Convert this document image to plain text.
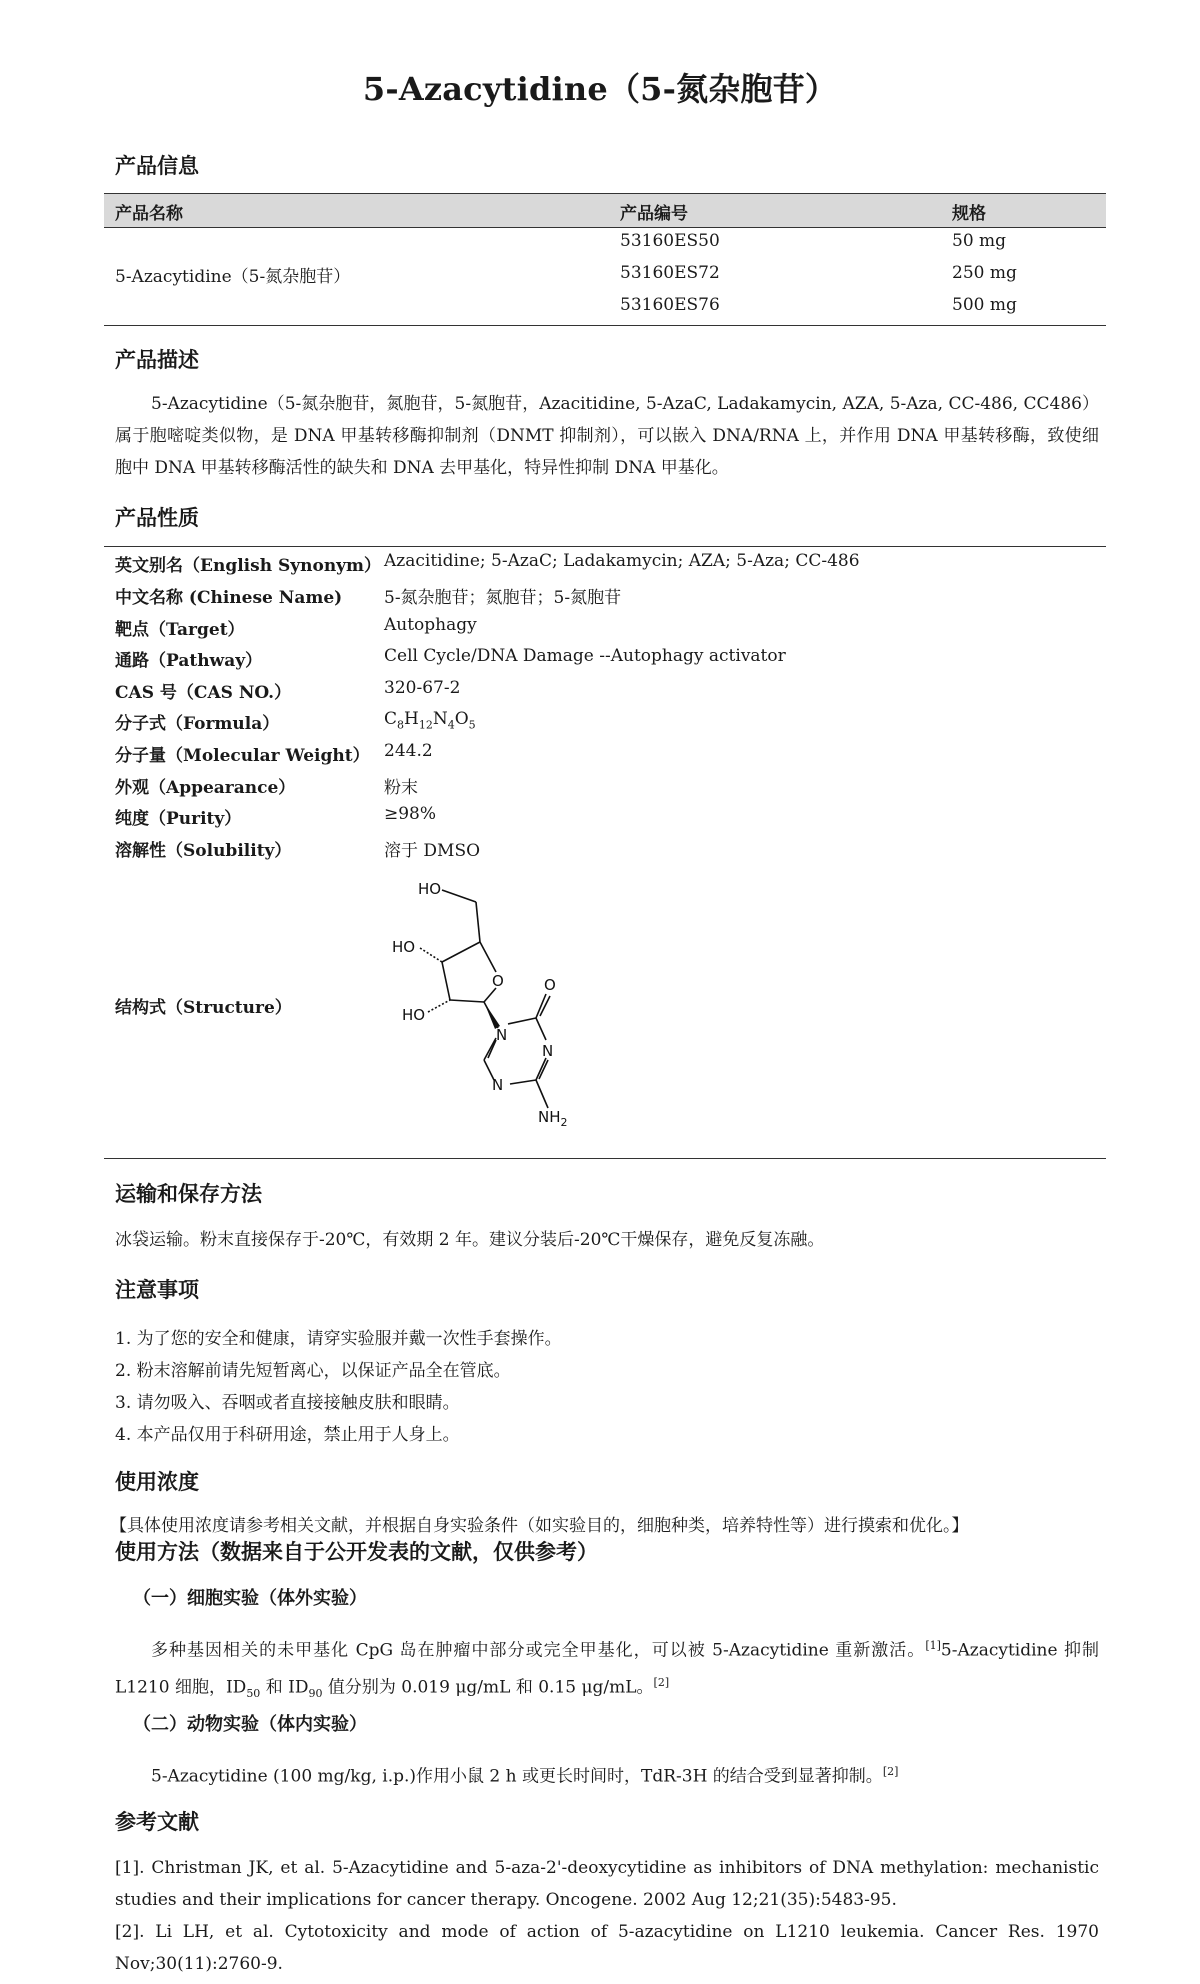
5-Azacytidine（5-氮杂胞苷）
产品信息
产品名称	产品编号	规格
5-Azacytidine（5-氮杂胞苷）
53160ES50	50 mg
53160ES72	250 mg
53160ES76	500 mg
产品描述
5-Azacytidine（5-氮杂胞苷，氮胞苷，5-氮胞苷，Azacitidine, 5-AzaC, Ladakamycin, AZA, 5-Aza, CC-486, CC486）属于胞嘧啶类似物，是 DNA 甲基转移酶抑制剂（DNMT 抑制剂），可以嵌入 DNA/RNA 上，并作用 DNA 甲基转移酶，致使细胞中 DNA 甲基转移酶活性的缺失和 DNA 去甲基化，特异性抑制 DNA 甲基化。
产品性质
英文别名（English Synonym） Azacitidine; 5-AzaC; Ladakamycin; AZA; 5-Aza; CC-486
中文名称 (Chinese Name) 5-氮杂胞苷；氮胞苷；5-氮胞苷
靶点（Target）	Autophagy
通路（Pathway）	Cell Cycle/DNA Damage --Autophagy activator
CAS 号（CAS NO.）	320-67-2
分子式（Formula）	$C_8H_{12}N_4O_5$
分子量（Molecular Weight） 244.2
外观（Appearance）	粉末
纯度（Purity）	≥98%
溶解性（Solubility）	溶于 DMSO
结构式（Structure）
HO
HO
HO
O	O
N
N
N
$NH_2$
运输和保存方法
冰袋运输。粉末直接保存于-20℃，有效期 2 年。建议分装后-20℃干燥保存，避免反复冻融。
注意事项
1. 为了您的安全和健康，请穿实验服并戴一次性手套操作。
2. 粉末溶解前请先短暂离心，以保证产品全在管底。
3. 请勿吸入、吞咽或者直接接触皮肤和眼睛。
4. 本产品仅用于科研用途，禁止用于人身上。
使用浓度
【具体使用浓度请参考相关文献，并根据自身实验条件（如实验目的，细胞种类，培养特性等）进行摸索和优化。】
使用方法（数据来自于公开发表的文献，仅供参考）
（一）细胞实验（体外实验）
多种基因相关的未甲基化 CpG 岛在肿瘤中部分或完全甲基化，可以被 5-Azacytidine 重新激活。[1]5-Azacytidine 抑制 L1210 细胞，$ID_{50}$ 和 $ID_{90}$ 值分别为 0.019 μg/mL 和 0.15 μg/mL。[2]
（二）动物实验（体内实验）
5-Azacytidine (100 mg/kg, i.p.)作用小鼠 2 h 或更长时间时，TdR-3H 的结合受到显著抑制。[2]
参考文献
[1]. Christman JK, et al. 5-Azacytidine and 5-aza-2'-deoxycytidine as inhibitors of DNA methylation: mechanistic studies and their implications for cancer therapy. Oncogene. 2002 Aug 12;21(35):5483-95.
[2]. Li LH, et al. Cytotoxicity and mode of action of 5-azacytidine on L1210 leukemia. Cancer Res. 1970 Nov;30(11):2760-9.
